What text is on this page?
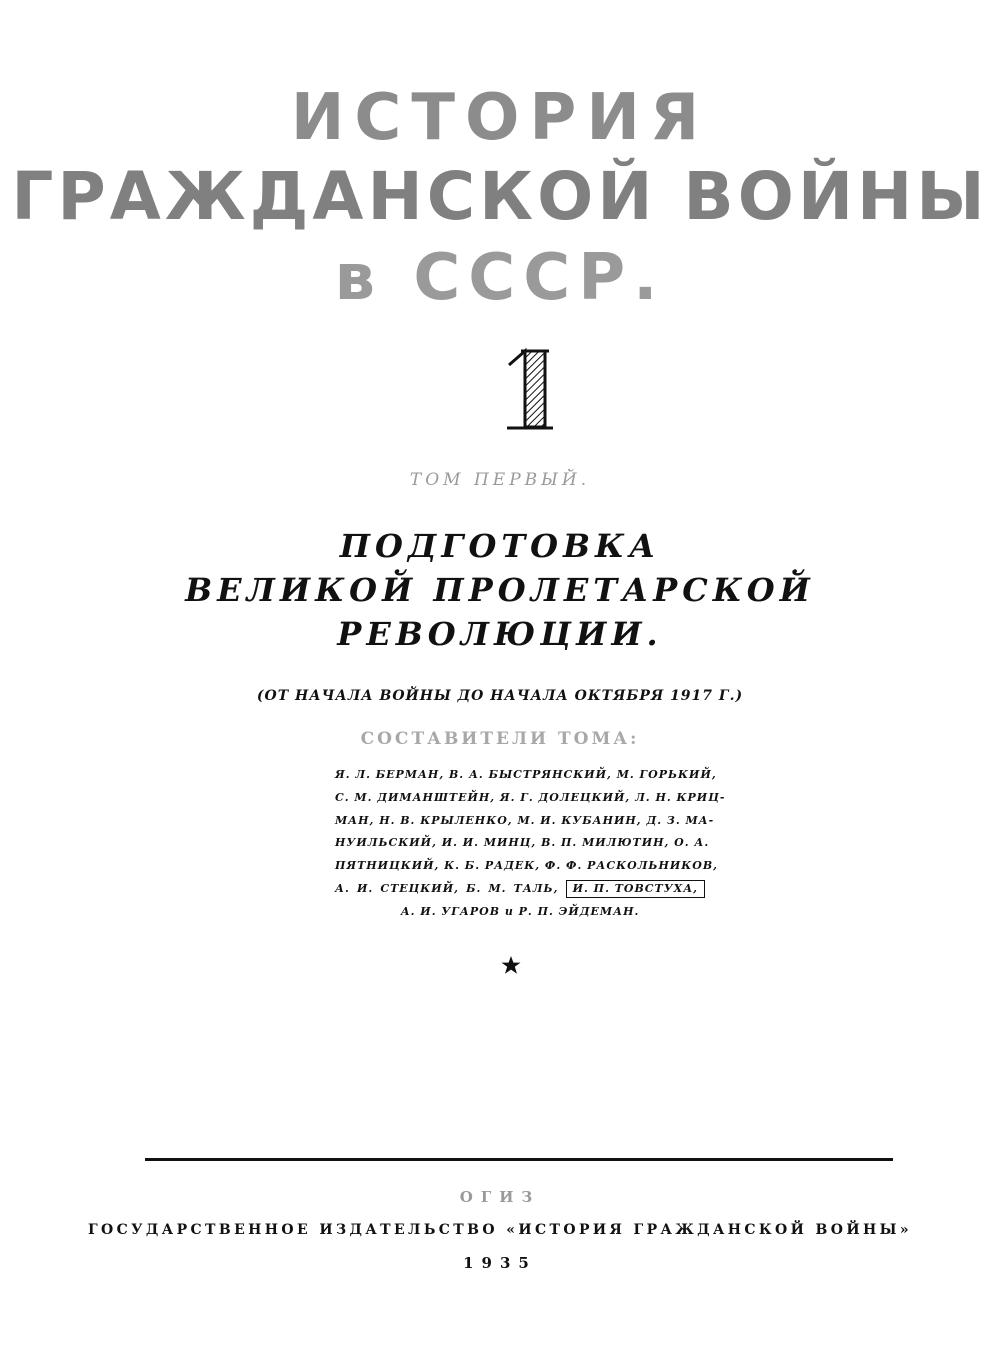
ИСТОРИЯ
ГРАЖДАНСКОЙ ВОЙНЫ
в СССР.
ТОМ ПЕРВЫЙ.
ПОДГОТОВКА
ВЕЛИКОЙ ПРОЛЕТАРСКОЙ
РЕВОЛЮЦИИ.
(ОТ НАЧАЛА ВОЙНЫ ДО НАЧАЛА ОКТЯБРЯ 1917 Г.)
СОСТАВИТЕЛИ ТОМА:
Я. Л. БЕРМАН, В. А. БЫСТРЯНСКИЙ, М. ГОРЬКИЙ,
С. М. ДИМАНШТЕЙН, Я. Г. ДОЛЕЦКИЙ, Л. Н. КРИЦ-
МАН, Н. В. КРЫЛЕНКО, М. И. КУБАНИН, Д. З. МА-
НУИЛЬСКИЙ, И. И. МИНЦ, В. П. МИЛЮТИН, О. А.
ПЯТНИЦКИЙ, К. Б. РАДЕК, Ф. Ф. РАСКОЛЬНИКОВ,
А. И. СТЕЦКИЙ, Б. М. ТАЛЬ, И. П. ТОВСТУХА,
А. И. УГАРОВ и Р. П. ЭЙДЕМАН.
ОГИЗ
ГОСУДАРСТВЕННОЕ ИЗДАТЕЛЬСТВО «ИСТОРИЯ ГРАЖДАНСКОЙ ВОЙНЫ»
1935
